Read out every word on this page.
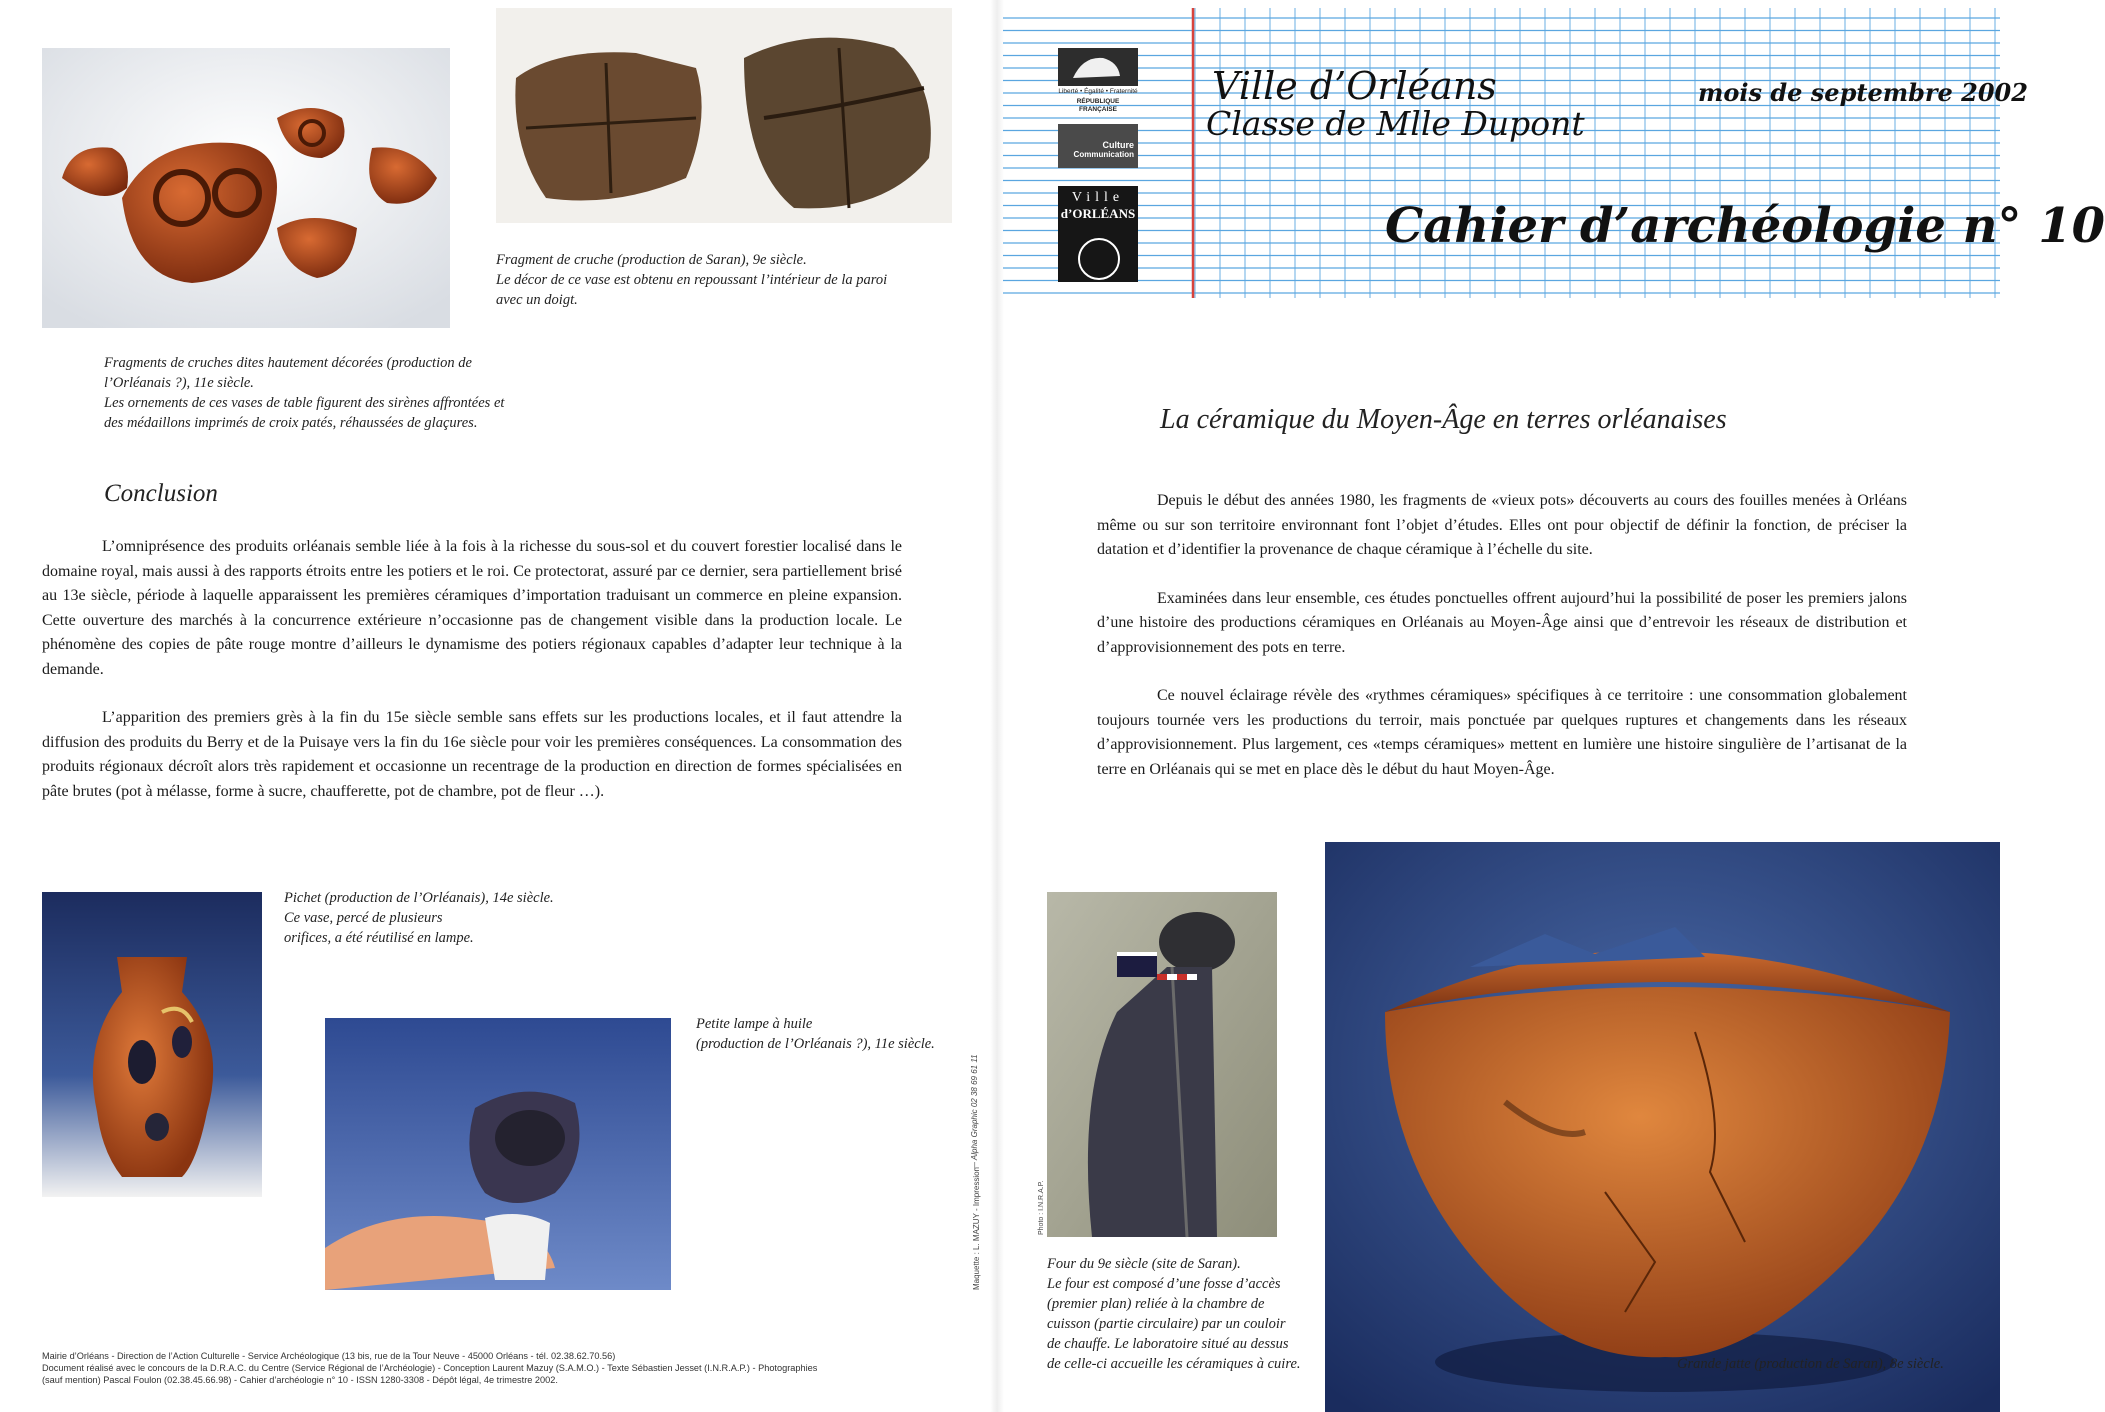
Fragment de cruche (production de Saran), 9e siècle.
Le décor de ce vase est obtenu en repoussant l’intérieur de la paroi
avec un doigt.
Fragments de cruches dites hautement décorées (production de
l’Orléanais ?), 11e siècle.
Les ornements de ces vases de table figurent des sirènes affrontées et
des médaillons imprimés de croix patés, réhaussées de glaçures.
Conclusion

L’omniprésence des produits orléanais semble liée à la fois à la richesse du sous-sol et du couvert forestier localisé dans le domaine royal, mais aussi à des rapports étroits entre les potiers et le roi. Ce protectorat, assuré par ce dernier, sera partiellement brisé au 13e siècle, période à laquelle apparaissent les premières céramiques d’importation traduisant un commerce en pleine expansion. Cette ouverture des marchés à la concurrence extérieure n’occasionne pas de changement visible dans la production locale. Le phénomène des copies de pâte rouge montre d’ailleurs le dynamisme des potiers régionaux capables d’adapter leur technique à la demande.

L’apparition des premiers grès à la fin du 15e siècle semble sans effets sur les productions locales, et il faut attendre la diffusion des produits du Berry et de la Puisaye vers la fin du 16e siècle pour voir les premières conséquences. La consommation des produits régionaux décroît alors très rapidement et occasionne un recentrage de la production en direction de formes spécialisées en pâte brutes (pot à mélasse, forme à sucre, chaufferette, pot de chambre, pot de fleur …).

Pichet (production de l’Orléanais), 14e siècle.
Ce vase, percé de plusieurs
orifices, a été réutilisé en lampe.
Petite lampe à huile
(production de l’Orléanais ?), 11e siècle.
— Alpha Graphic 02 38 69 61 11
Maquette : L. MAZUY - Impression
Mairie d’Orléans - Direction de l’Action Culturelle - Service Archéologique (13 bis, rue de la Tour Neuve - 45000 Orléans - tél. 02.38.62.70.56)
Document réalisé avec le concours de la D.R.A.C. du Centre (Service Régional de l’Archéologie) - Conception Laurent Mazuy (S.A.M.O.) - Texte Sébastien Jesset (I.N.R.A.P.) - Photographies
(sauf mention) Pascal Foulon (02.38.45.66.98) - Cahier d’archéologie n° 10 - ISSN 1280-3308 - Dépôt légal, 4e trimestre 2002.
Liberté • Égalité • Fraternité
RÉPUBLIQUE FRANÇAISE
Culture
Communication
Ville
d’ORLÉANS
Ville d’Orléans
Classe de Mlle Dupont
mois de septembre 2002
Cahier d’archéologie n° 10
La céramique du Moyen-Âge en terres orléanaises

Depuis le début des années 1980, les fragments de «vieux pots» découverts au cours des fouilles menées à Orléans même ou sur son territoire environnant font l’objet d’études. Elles ont pour objectif de définir la fonction, de préciser la datation et d’identifier la provenance de chaque céramique à l’échelle du site.

Examinées dans leur ensemble, ces études ponctuelles offrent aujourd’hui la possibilité de poser les premiers jalons d’une histoire des productions céramiques en Orléanais au Moyen-Âge ainsi que d’entrevoir les réseaux de distribution et d’approvisionnement des pots en terre.

Ce nouvel éclairage révèle des «rythmes céramiques» spécifiques à ce territoire : une consommation globalement toujours tournée vers les productions du terroir, mais ponctuée par quelques ruptures et changements dans les réseaux d’approvisionnement. Plus largement, ces «temps céramiques» mettent en lumière une histoire singulière de l’artisanat de la terre en Orléanais qui se met en place dès le début du haut Moyen-Âge.

Photo : I.N.R.A.P.
Four du 9e siècle (site de Saran).
Le four est composé d’une fosse d’accès
(premier plan) reliée à la chambre de
cuisson (partie circulaire) par un couloir
de chauffe. Le laboratoire situé au dessus
de celle-ci accueille les céramiques à cuire.	Grande jatte (production de Saran), 8e siècle.
